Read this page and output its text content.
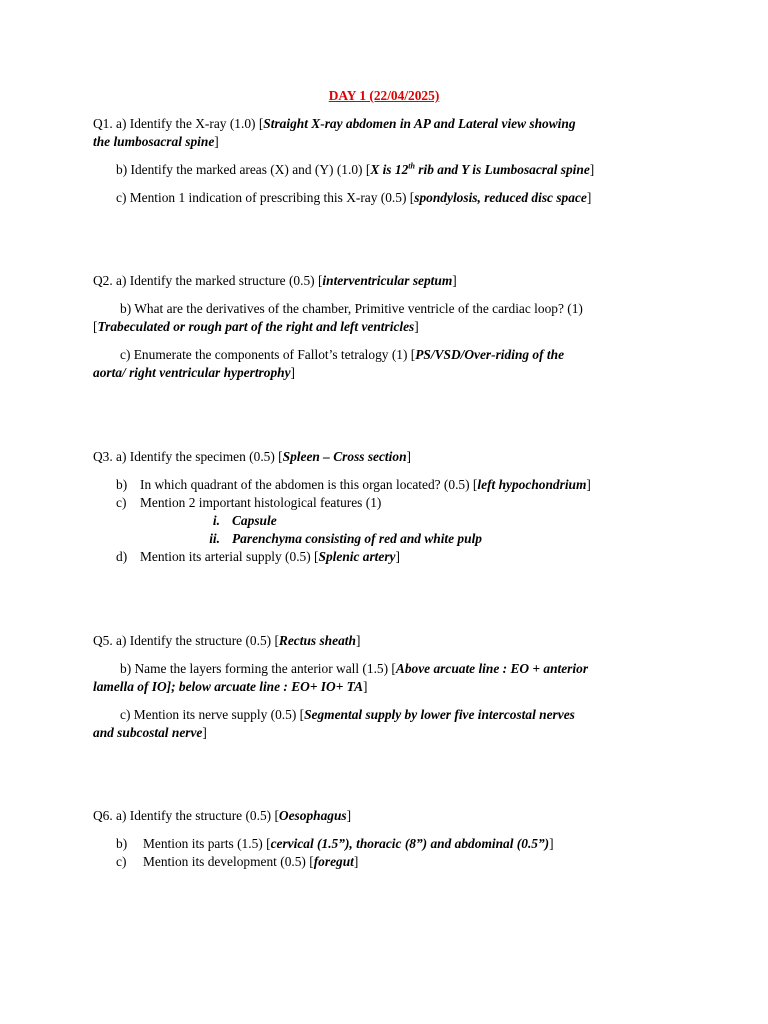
DAY 1 (22/04/2025)
Q1. a) Identify the X-ray (1.0) [Straight X-ray abdomen in AP and Lateral view showing
the lumbosacral spine]
b) Identify the marked areas (X) and (Y) (1.0) [X is 12th rib and Y is Lumbosacral spine]
c) Mention 1 indication of prescribing this X-ray (0.5) [spondylosis, reduced disc space]
Q2. a) Identify the marked structure (0.5) [interventricular septum]
b) What are the derivatives of the chamber, Primitive ventricle of the cardiac loop? (1)
[Trabeculated or rough part of the right and left ventricles]
c) Enumerate the components of Fallot’s tetralogy (1) [PS/VSD/Over-riding of the
aorta/ right ventricular hypertrophy]
Q3. a) Identify the specimen (0.5) [Spleen – Cross section]
b) In which quadrant of the abdomen is this organ located? (0.5) [left hypochondrium]
c) Mention 2 important histological features (1)
i. Capsule
ii. Parenchyma consisting of red and white pulp
d) Mention its arterial supply (0.5) [Splenic artery]
Q5. a) Identify the structure (0.5) [Rectus sheath]
b) Name the layers forming the anterior wall (1.5) [Above arcuate line : EO + anterior
lamella of IO]; below arcuate line : EO+ IO+ TA]
c) Mention its nerve supply (0.5) [Segmental supply by lower five intercostal nerves
and subcostal nerve]
Q6. a) Identify the structure (0.5) [Oesophagus]
b) Mention its parts (1.5) [cervical (1.5”), thoracic (8”) and abdominal (0.5”)]
c) Mention its development (0.5) [foregut]
